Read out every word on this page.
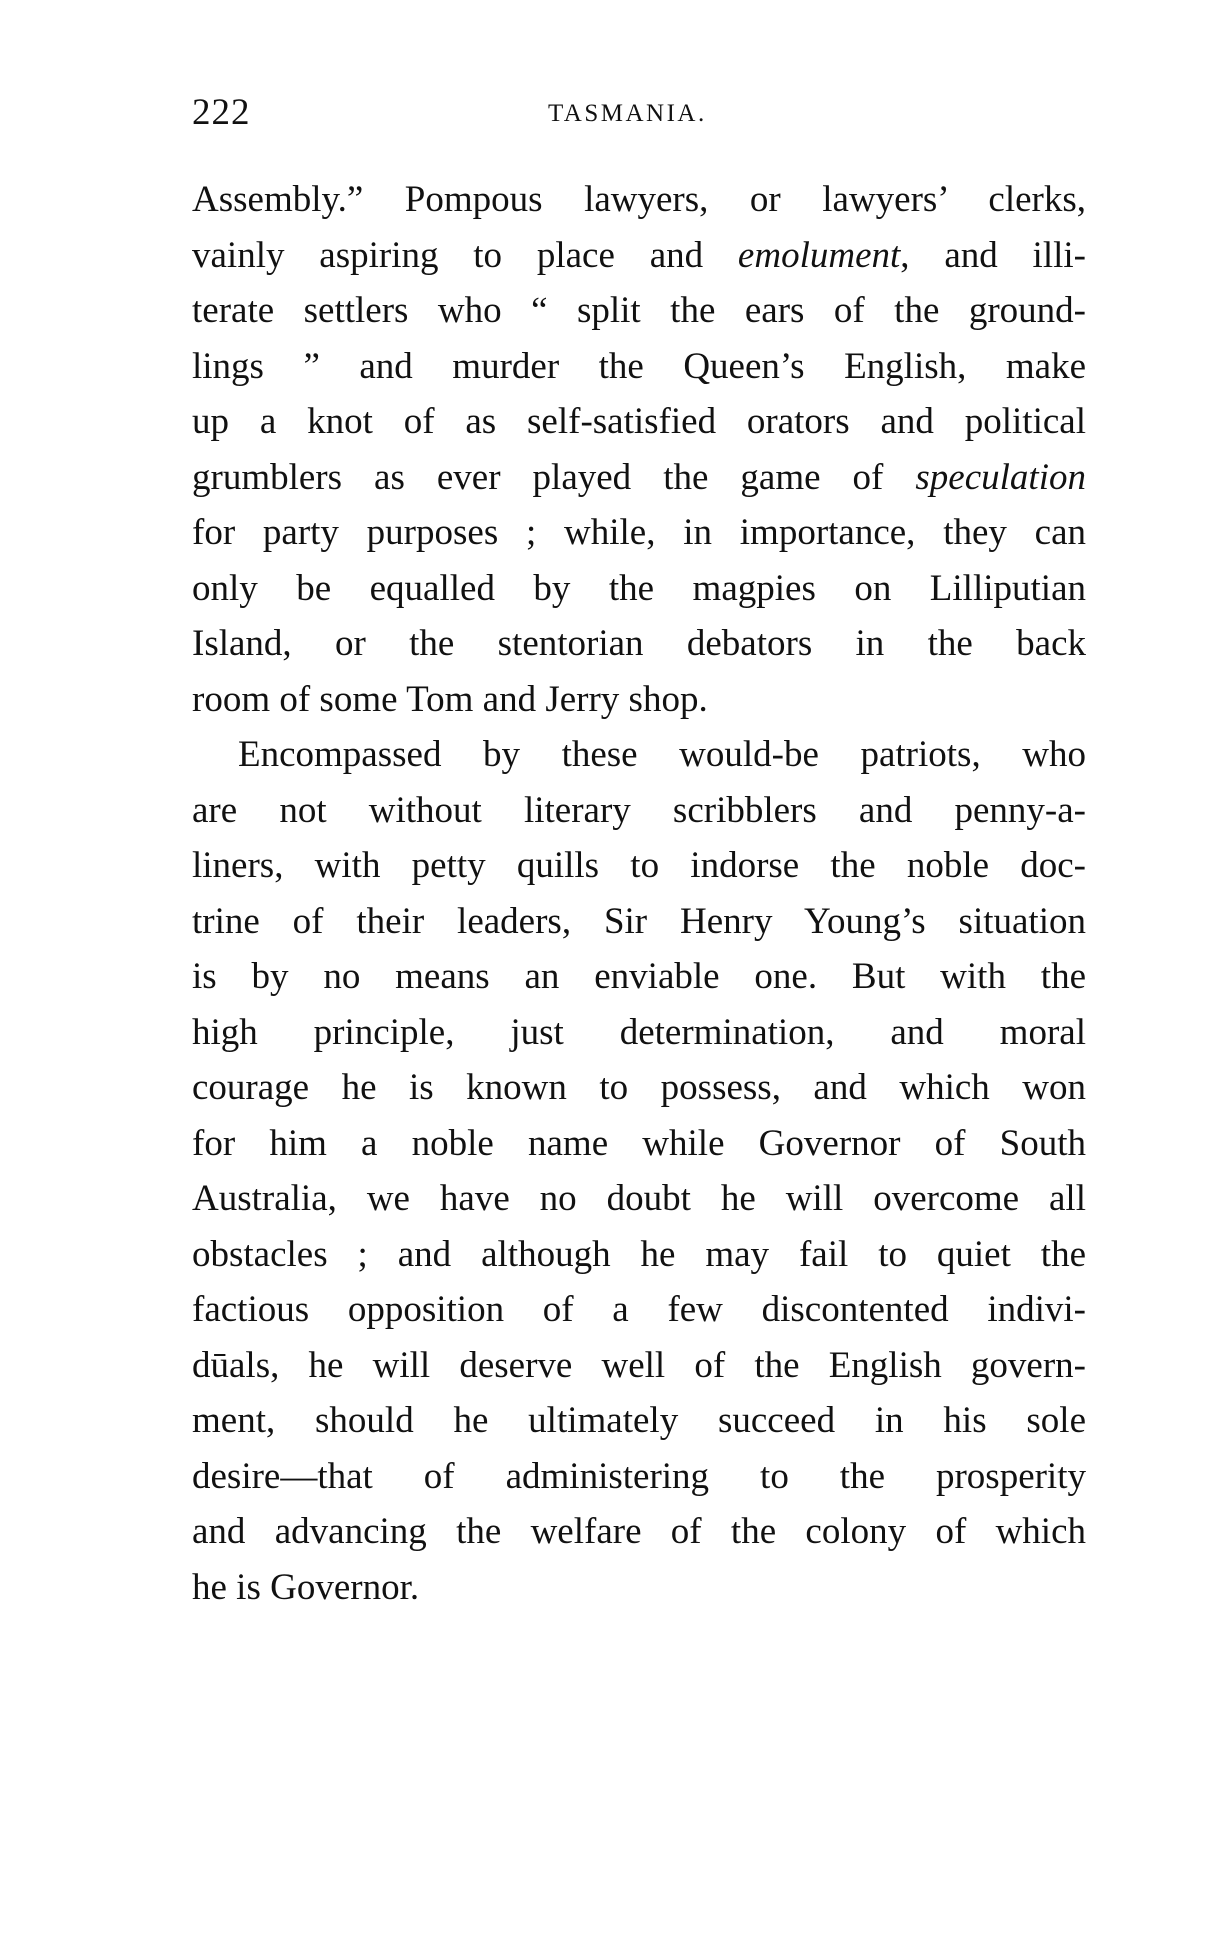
222	TASMANIA.
Assembly.” Pompous lawyers, or lawyers’ clerks,
vainly aspiring to place and emolument, and illi-
terate settlers who “ split the ears of the ground-
lings ” and murder the Queen’s English, make
up a knot of as self-satisfied orators and political
grumblers as ever played the game of speculation
for party purposes ; while, in importance, they can
only be equalled by the magpies on Lilliputian
Island, or the stentorian debators in the back
room of some Tom and Jerry shop.
Encompassed by these would-be patriots, who
are not without literary scribblers and penny-a-
liners, with petty quills to indorse the noble doc-
trine of their leaders, Sir Henry Young’s situation
is by no means an enviable one. But with the
high principle, just determination, and moral
courage he is known to possess, and which won
for him a noble name while Governor of South
Australia, we have no doubt he will overcome all
obstacles ; and although he may fail to quiet the
factious opposition of a few discontented indivi-
dūals, he will deserve well of the English govern-
ment, should he ultimately succeed in his sole
desire—that of administering to the prosperity
and advancing the welfare of the colony of which
he is Governor.
